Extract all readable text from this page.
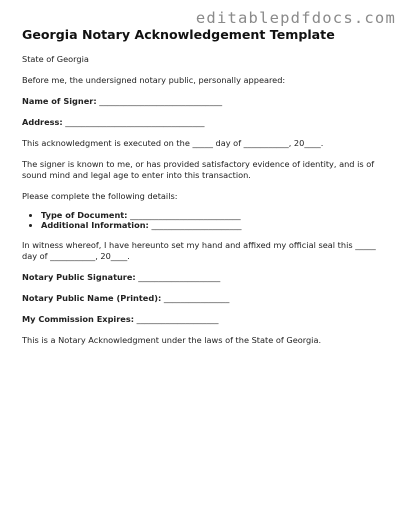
editablepdfdocs.com
Georgia Notary Acknowledgement Template

State of Georgia

Before me, the undersigned notary public, personally appeared:

Name of Signer: ______________________________
Address: __________________________________

This acknowledgment is executed on the _____ day of ___________, 20____.

The signer is known to me, or has provided satisfactory evidence of identity, and is of sound mind and legal age to enter into this transaction.

Please complete the following details:

• Type of Document: ___________________________
• Additional Information: ______________________

In witness whereof, I have hereunto set my hand and affixed my official seal this _____ day of ___________, 20____.

Notary Public Signature: ____________________
Notary Public Name (Printed): ________________
My Commission Expires: ____________________

This is a Notary Acknowledgment under the laws of the State of Georgia.
